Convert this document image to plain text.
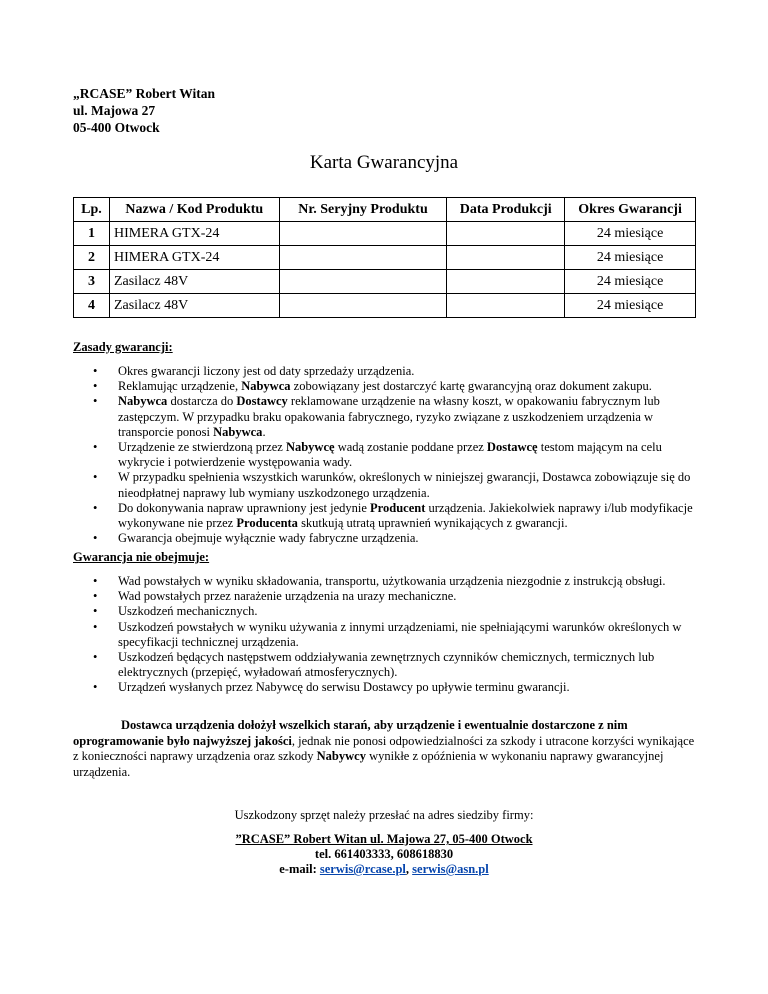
„RCASE” Robert Witan
ul. Majowa 27
05-400 Otwock
Karta Gwarancyjna
Lp.	Nazwa / Kod Produktu	Nr. Seryjny Produktu	Data Produkcji	Okres Gwarancji
1	HIMERA GTX-24			24 miesiące
2	HIMERA GTX-24			24 miesiące
3	Zasilacz 48V			24 miesiące
4	Zasilacz 48V			24 miesiące
Zasady gwarancji:
• Okres gwarancji liczony jest od daty sprzedaży urządzenia.
• Reklamując urządzenie, Nabywca zobowiązany jest dostarczyć kartę gwarancyjną oraz dokument zakupu.
• Nabywca dostarcza do Dostawcy reklamowane urządzenie na własny koszt, w opakowaniu fabrycznym lub zastępczym. W przypadku braku opakowania fabrycznego, ryzyko związane z uszkodzeniem urządzenia w transporcie ponosi Nabywca.
• Urządzenie ze stwierdzoną przez Nabywcę wadą zostanie poddane przez Dostawcę testom mającym na celu wykrycie i potwierdzenie występowania wady.
• W przypadku spełnienia wszystkich warunków, określonych w niniejszej gwarancji, Dostawca zobowiązuje się do nieodpłatnej naprawy lub wymiany uszkodzonego urządzenia.
• Do dokonywania napraw uprawniony jest jedynie Producent urządzenia. Jakiekolwiek naprawy i/lub modyfikacje wykonywane nie przez Producenta skutkują utratą uprawnień wynikających z gwarancji.
• Gwarancja obejmuje wyłącznie wady fabryczne urządzenia.
Gwarancja nie obejmuje:
• Wad powstałych w wyniku składowania, transportu, użytkowania urządzenia niezgodnie z instrukcją obsługi.
• Wad powstałych przez narażenie urządzenia na urazy mechaniczne.
• Uszkodzeń mechanicznych.
• Uszkodzeń powstałych w wyniku używania z innymi urządzeniami, nie spełniającymi warunków określonych w specyfikacji technicznej urządzenia.
• Uszkodzeń będących następstwem oddziaływania zewnętrznych czynników chemicznych, termicznych lub elektrycznych (przepięć, wyładowań atmosferycznych).
• Urządzeń wysłanych przez Nabywcę do serwisu Dostawcy po upływie terminu gwarancji.
Dostawca urządzenia dołożył wszelkich starań, aby urządzenie i ewentualnie dostarczone z nim oprogramowanie było najwyższej jakości, jednak nie ponosi odpowiedzialności za szkody i utracone korzyści wynikające z konieczności naprawy urządzenia oraz szkody Nabywcy wynikłe z opóźnienia w wykonaniu naprawy gwarancyjnej urządzenia.
Uszkodzony sprzęt należy przesłać na adres siedziby firmy:
”RCASE” Robert Witan ul. Majowa 27, 05-400 Otwock
tel. 661403333, 608618830
e-mail: serwis@rcase.pl, serwis@asn.pl
